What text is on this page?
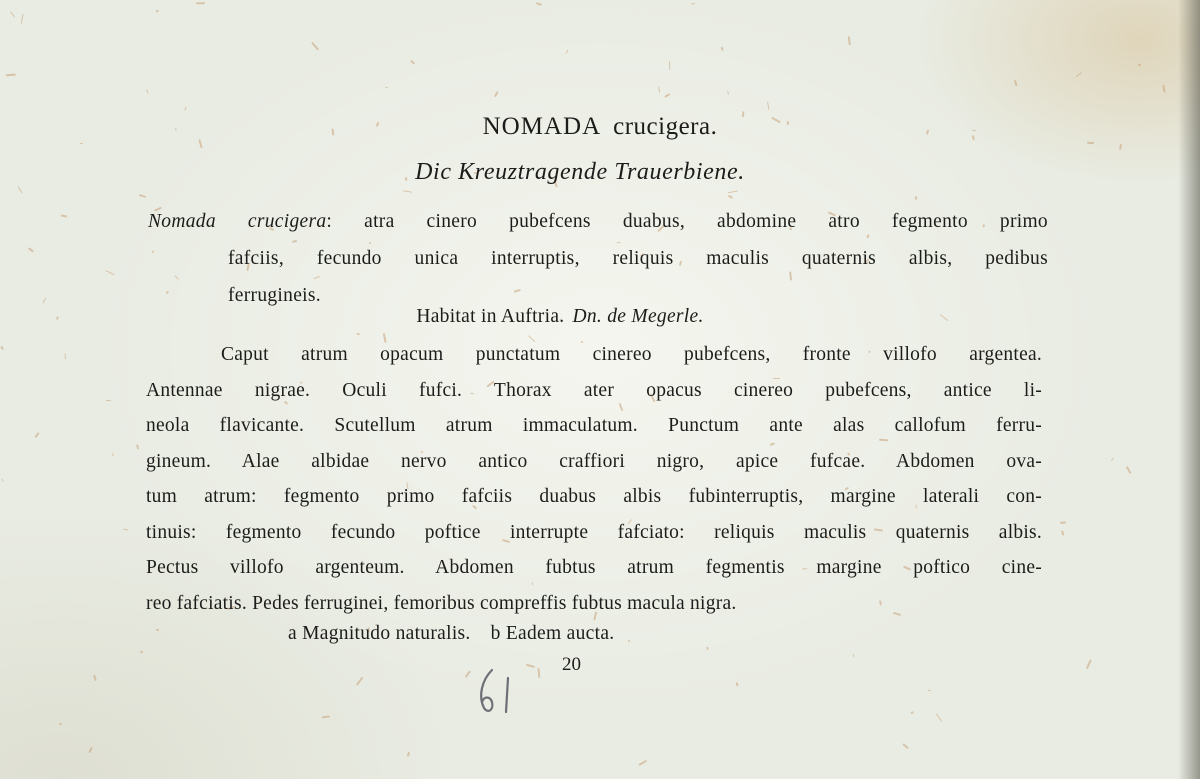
NOMADA crucigera.
Dic Kreuztragende Trauerbiene.
Nomada crucigera: atra cinero pubefcens duabus, abdomine atro fegmento primo
fafciis, fecundo unica interruptis, reliquis maculis quaternis albis, pedibus
ferrugineis.
Habitat in Auftria. Dn. de Megerle.
Caput atrum opacum punctatum cinereo pubefcens, fronte villofo argentea.
Antennae nigrae. Oculi fufci. Thorax ater opacus cinereo pubefcens, antice li-
neola flavicante. Scutellum atrum immaculatum. Punctum ante alas callofum ferru-
gineum. Alae albidae nervo antico craffiori nigro, apice fufcae. Abdomen ova-
tum atrum: fegmento primo fafciis duabus albis fubinterruptis, margine laterali con-
tinuis: fegmento fecundo poftice interrupte fafciato: reliquis maculis quaternis albis.
Pectus villofo argenteum. Abdomen fubtus atrum fegmentis margine poftico cine-
reo fafciatis. Pedes ferruginei, femoribus compreffis fubtus macula nigra.
a Magnitudo naturalis. b Eadem aucta.
20
